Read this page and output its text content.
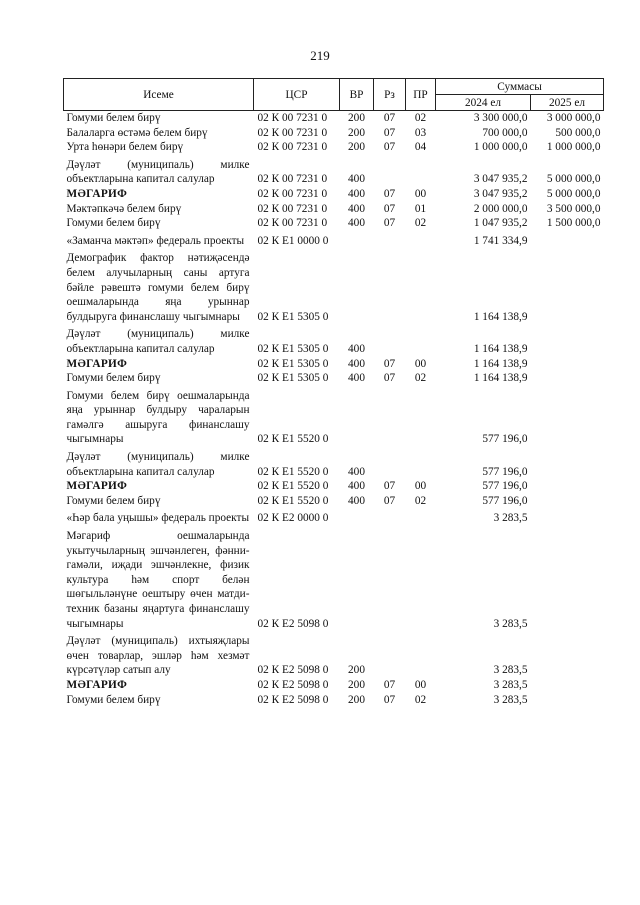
219
Исеме	ЦСР	ВР	Рз	ПР	Суммасы	
					2024 ел	2025 ел
Гомуми белем бирү	02 К 00 7231 0	200	07	02	3 300 000,0	3 000 000,0
Балаларга өстәмә белем бирү	02 К 00 7231 0	200	07	03	700 000,0	500 000,0
Урта һөнәри белем бирү	02 К 00 7231 0	200	07	04	1 000 000,0	1 000 000,0
Дәүләт (муниципаль) милке объектларына капитал салулар	02 К 00 7231 0	400			3 047 935,2	5 000 000,0
МӘГАРИФ	02 К 00 7231 0	400	07	00	3 047 935,2	5 000 000,0
Мәктәпкәчә белем бирү	02 К 00 7231 0	400	07	01	2 000 000,0	3 500 000,0
Гомуми белем бирү	02 К 00 7231 0	400	07	02	1 047 935,2	1 500 000,0
«Заманча мәктәп» федераль проекты	02 К Е1 0000 0				1 741 334,9	
Демографик фактор нәтиҗәсендә белем алучыларның саны артуга бәйле рәвештә гомуми белем бирү оешмаларында яңа урыннар булдыруга финанслашу чыгымнары	02 К Е1 5305 0				1 164 138,9	
Дәүләт (муниципаль) милке объектларына капитал салулар	02 К Е1 5305 0	400			1 164 138,9	
МӘГАРИФ	02 К Е1 5305 0	400	07	00	1 164 138,9	
Гомуми белем бирү	02 К Е1 5305 0	400	07	02	1 164 138,9	
Гомуми белем бирү оешмаларында яңа урыннар булдыру чараларын гамәлгә ашыруга финанслашу чыгымнары	02 К Е1 5520 0				577 196,0	
Дәүләт (муниципаль) милке объектларына капитал салулар	02 К Е1 5520 0	400			577 196,0	
МӘГАРИФ	02 К Е1 5520 0	400	07	00	577 196,0	
Гомуми белем бирү	02 К Е1 5520 0	400	07	02	577 196,0	
«Һәр бала уңышы» федераль проекты	02 К Е2 0000 0				3 283,5	
Мәгариф оешмаларында укытучыларның эшчәнлеген, фәнни-гамәли, иҗади эшчәнлекне, физик культура һәм спорт белән шөгыльләнүне оештыру өчен матди-техник базаны яңартуга финанслашу чыгымнары	02 К Е2 5098 0				3 283,5	
Дәүләт (муниципаль) ихтыяҗлары өчен товарлар, эшләр һәм хезмәт күрсәтүләр сатып алу	02 К Е2 5098 0	200			3 283,5	
МӘГАРИФ	02 К Е2 5098 0	200	07	00	3 283,5	
Гомуми белем бирү	02 К Е2 5098 0	200	07	02	3 283,5	
